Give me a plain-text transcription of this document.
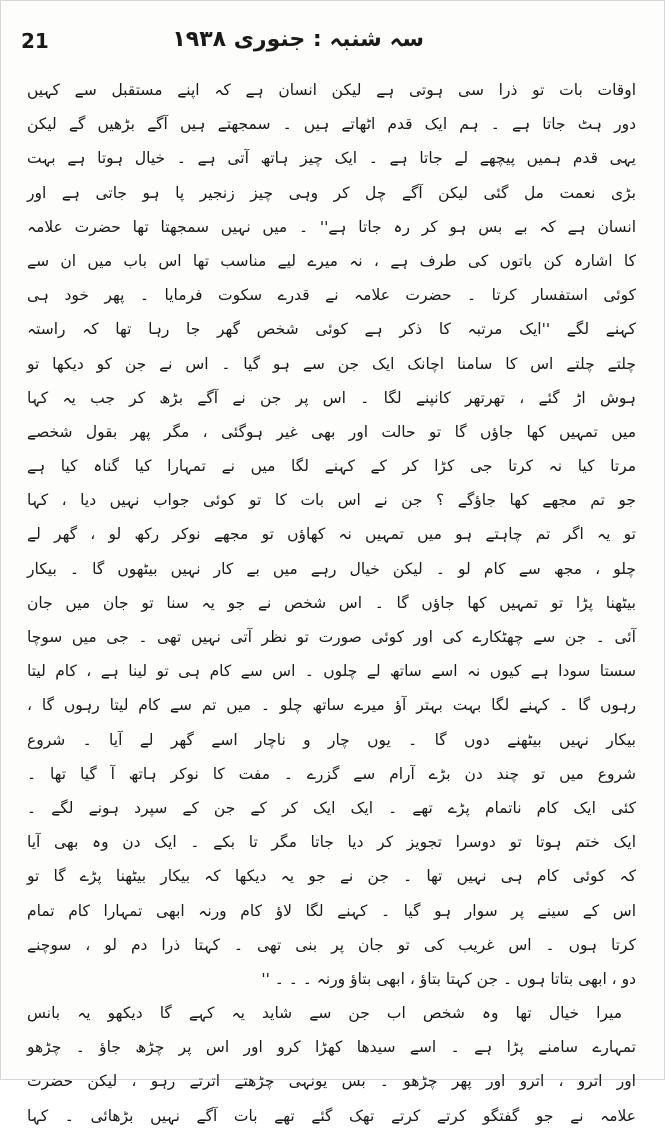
سہ شنبہ : جنوری ۱۹۳۸
21
اوقات بات تو ذرا سی ہوتی ہے لیکن انسان ہے کہ اپنے مستقبل سے کہیں
دور ہٹ جاتا ہے ۔ ہم ایک قدم اٹھاتے ہیں ۔ سمجھتے ہیں آگے بڑھیں گے لیکن
یہی قدم ہمیں پیچھے لے جاتا ہے ۔ ایک چیز ہاتھ آتی ہے ۔ خیال ہوتا ہے بہت
بڑی نعمت مل گئی لیکن آگے چل کر وہی چیز زنجیر پا ہو جاتی ہے اور
انسان ہے کہ بے بس ہو کر رہ جاتا ہے'' ۔ میں نہیں سمجھتا تھا حضرت علامہ
کا اشارہ کن باتوں کی طرف ہے ، نہ میرے لیے مناسب تھا اس باب میں ان سے
کوئی استفسار کرتا ۔ حضرت علامہ نے قدرے سکوت فرمایا ۔ پھر خود ہی
کہنے لگے ''ایک مرتبہ کا ذکر ہے کوئی شخص گھر جا رہا تھا کہ راستہ
چلتے چلتے اس کا سامنا اچانک ایک جن سے ہو گیا ۔ اس نے جن کو دیکھا تو
ہوش اڑ گئے ، تھرتھر کانپنے لگا ۔ اس پر جن نے آگے بڑھ کر جب یہ کہا
میں تمہیں کھا جاؤں گا تو حالت اور بھی غیر ہوگئی ، مگر پھر بقول شخصے
مرتا کیا نہ کرتا جی کڑا کر کے کہنے لگا میں نے تمہارا کیا گناہ کیا ہے
جو تم مجھے کھا جاؤگے ؟ جن نے اس بات کا تو کوئی جواب نہیں دیا ، کہا
تو یہ اگر تم چاہتے ہو میں تمہیں نہ کھاؤں تو مجھے نوکر رکھ لو ، گھر لے
چلو ، مجھ سے کام لو ۔ لیکن خیال رہے میں بے کار نہیں بیٹھوں گا ۔ بیکار
بیٹھنا پڑا تو تمہیں کھا جاؤں گا ۔ اس شخص نے جو یہ سنا تو جان میں جان
آئی ۔ جن سے چھٹکارے کی اور کوئی صورت تو نظر آتی نہیں تھی ۔ جی میں سوچا
سستا سودا ہے کیوں نہ اسے ساتھ لے چلوں ۔ اس سے کام ہی تو لینا ہے ، کام لیتا
رہوں گا ۔ کہنے لگا بہت بہتر آؤ میرے ساتھ چلو ۔ میں تم سے کام لیتا رہوں گا ،
بیکار نہیں بیٹھنے دوں گا ۔ یوں چار و ناچار اسے گھر لے آیا ۔ شروع
شروع میں تو چند دن بڑے آرام سے گزرے ۔ مفت کا نوکر ہاتھ آ گیا تھا ۔
کئی ایک کام ناتمام پڑے تھے ۔ ایک ایک کر کے جن کے سپرد ہونے لگے ۔
ایک ختم ہوتا تو دوسرا تجویز کر دیا جاتا مگر تا بکے ۔ ایک دن وہ بھی آیا
کہ کوئی کام ہی نہیں تھا ۔ جن نے جو یہ دیکھا کہ بیکار بیٹھنا پڑے گا تو
اس کے سینے پر سوار ہو گیا ۔ کہنے لگا لاؤ کام ورنہ ابھی تمہارا کام تمام
کرتا ہوں ۔ اس غریب کی تو جان پر بنی تھی ۔ کہتا ذرا دم لو ، سوچنے
دو ، ابھی بتاتا ہوں ۔ جن کہتا بتاؤ ، ابھی بتاؤ ورنہ ۔ ۔ ۔ ''
میرا خیال تھا وہ شخص اب جن سے شاید یہ کہے گا دیکھو یہ بانس
تمہارے سامنے پڑا ہے ۔ اسے سیدھا کھڑا کرو اور اس پر چڑھ جاؤ ۔ چڑھو
اور اترو ، اترو اور پھر چڑھو ۔ بس یونہی چڑھتے اترتے رہو ، لیکن حضرت
علامہ نے جو گفتگو کرتے کرتے تھک گئے تھے بات آگے نہیں بڑھائی ۔ کہا
